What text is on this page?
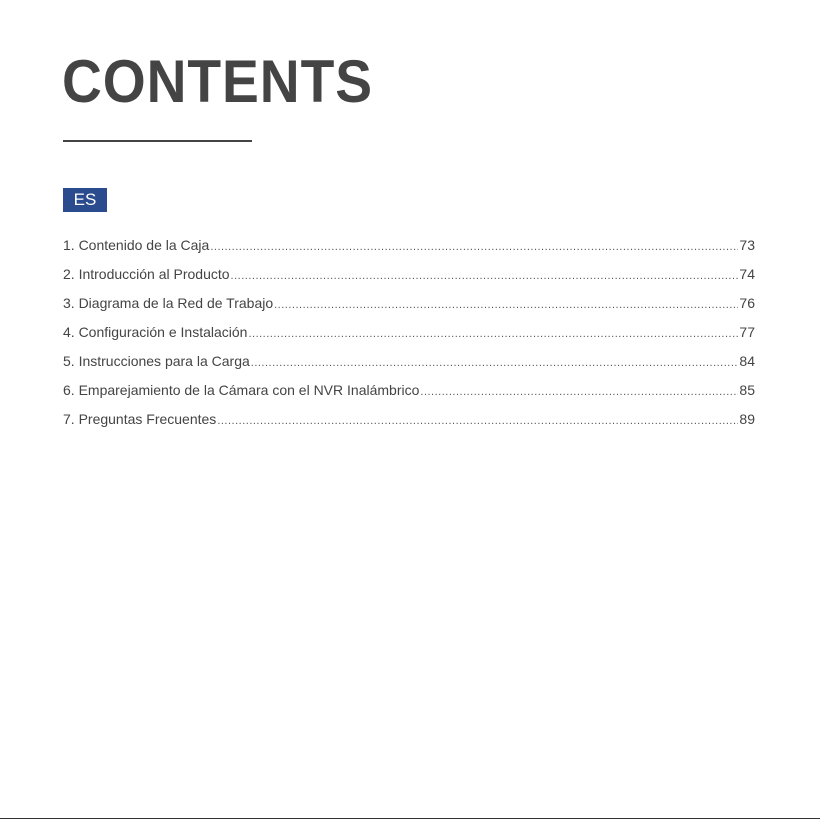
CONTENTS
ES
1. Contenido de la Caja .....	73
2. Introducción al Producto .....	74
3. Diagrama de la Red de Trabajo .....	76
4. Configuración e Instalación .....	77
5. Instrucciones para la Carga .....	84
6. Emparejamiento de la Cámara con el NVR Inalámbrico .....	85
7. Preguntas Frecuentes .....	89
